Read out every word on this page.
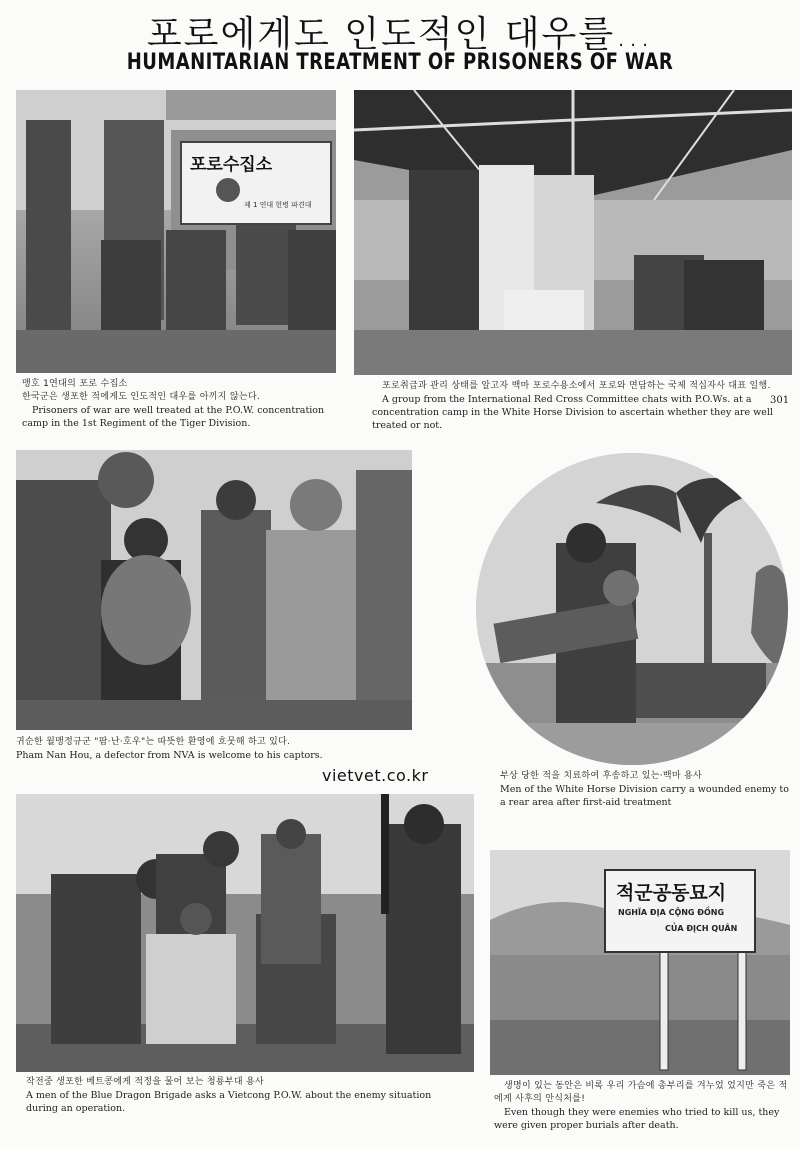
포로에게도 인도적인 대우를…
HUMANITARIAN TREATMENT OF PRISONERS OF WAR
포로수집소
제 1 연대 헌병 파견대

맹호 1연대의 포로 수집소

한국군은 생포한 적에게도 인도적인 대우를 아끼지 않는다.

Prisoners of war are well treated at the P.O.W. concentration camp in the 1st Regiment of the Tiger Division.

포로취급과 관리 상태를 알고자 백마 포로수용소에서 포로와 면담하는 국제 적십자사 대표 일행.

A group from the International Red Cross Committee chats with P.O.Ws. at a concentration camp in the White Horse Division to ascertain whether they are well treated or not.

301

귀순한 월맹정규군 "팜·난·호우"는 따뜻한 환영에 흐뭇해 하고 있다.

Pham Nan Hou, a defector from NVA is welcome to his captors.

vietvet.co.kr	부상 당한 적을 치료하여 후송하고 있는·백마 용사

Men of the White Horse Division carry a wounded enemy to a rear area after first-aid treatment

작전중 생포한 베트콩에게 적정을 물어 보는 청룡부대 용사

A men of the Blue Dragon Brigade asks a Vietcong P.O.W. about the enemy situation during an operation.

적군공동묘지
NGHĨA ĐỊA CỘNG ĐỒNG
CỦA ĐỊCH QUÂN

생명이 있는 동안은 비록 우리 가슴에 총부리를 겨누었 었지만 죽은 적에게 사후의 안식처를!

Even though they were enemies who tried to kill us, they were given proper burials after death.
